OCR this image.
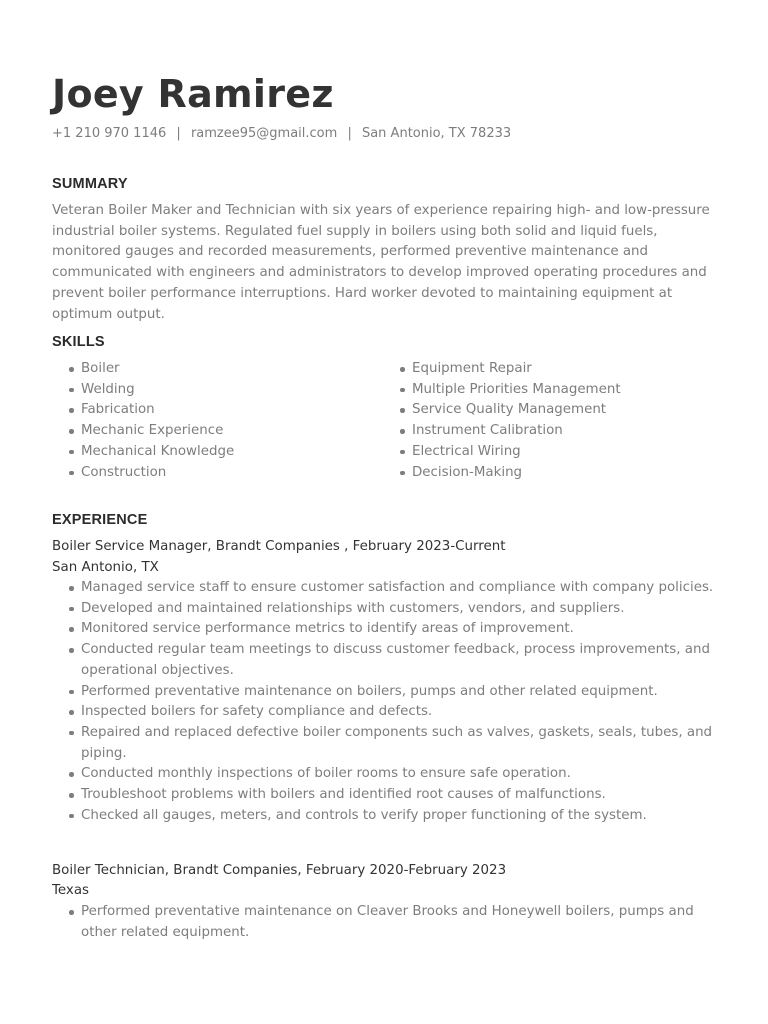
Joey Ramirez
+1 210 970 1146 | ramzee95@gmail.com | San Antonio, TX 78233
SUMMARY

Veteran Boiler Maker and Technician with six years of experience repairing high- and low-pressure industrial boiler systems. Regulated fuel supply in boilers using both solid and liquid fuels, monitored gauges and recorded measurements, performed preventive maintenance and communicated with engineers and administrators to develop improved operating procedures and prevent boiler performance interruptions. Hard worker devoted to maintaining equipment at optimum output.

SKILLS
Boiler
Welding
Fabrication
Mechanic Experience
Mechanical Knowledge
Construction
Equipment Repair
Multiple Priorities Management
Service Quality Management
Instrument Calibration
Electrical Wiring
Decision-Making
EXPERIENCE
Boiler Service Manager, Brandt Companies , February 2023-Current
San Antonio, TX
Managed service staff to ensure customer satisfaction and compliance with company policies.
Developed and maintained relationships with customers, vendors, and suppliers.
Monitored service performance metrics to identify areas of improvement.
Conducted regular team meetings to discuss customer feedback, process improvements, and operational objectives.
Performed preventative maintenance on boilers, pumps and other related equipment.
Inspected boilers for safety compliance and defects.
Repaired and replaced defective boiler components such as valves, gaskets, seals, tubes, and piping.
Conducted monthly inspections of boiler rooms to ensure safe operation.
Troubleshoot problems with boilers and identified root causes of malfunctions.
Checked all gauges, meters, and controls to verify proper functioning of the system.
Boiler Technician, Brandt Companies, February 2020-February 2023
Texas
Performed preventative maintenance on Cleaver Brooks and Honeywell boilers, pumps and other related equipment.
